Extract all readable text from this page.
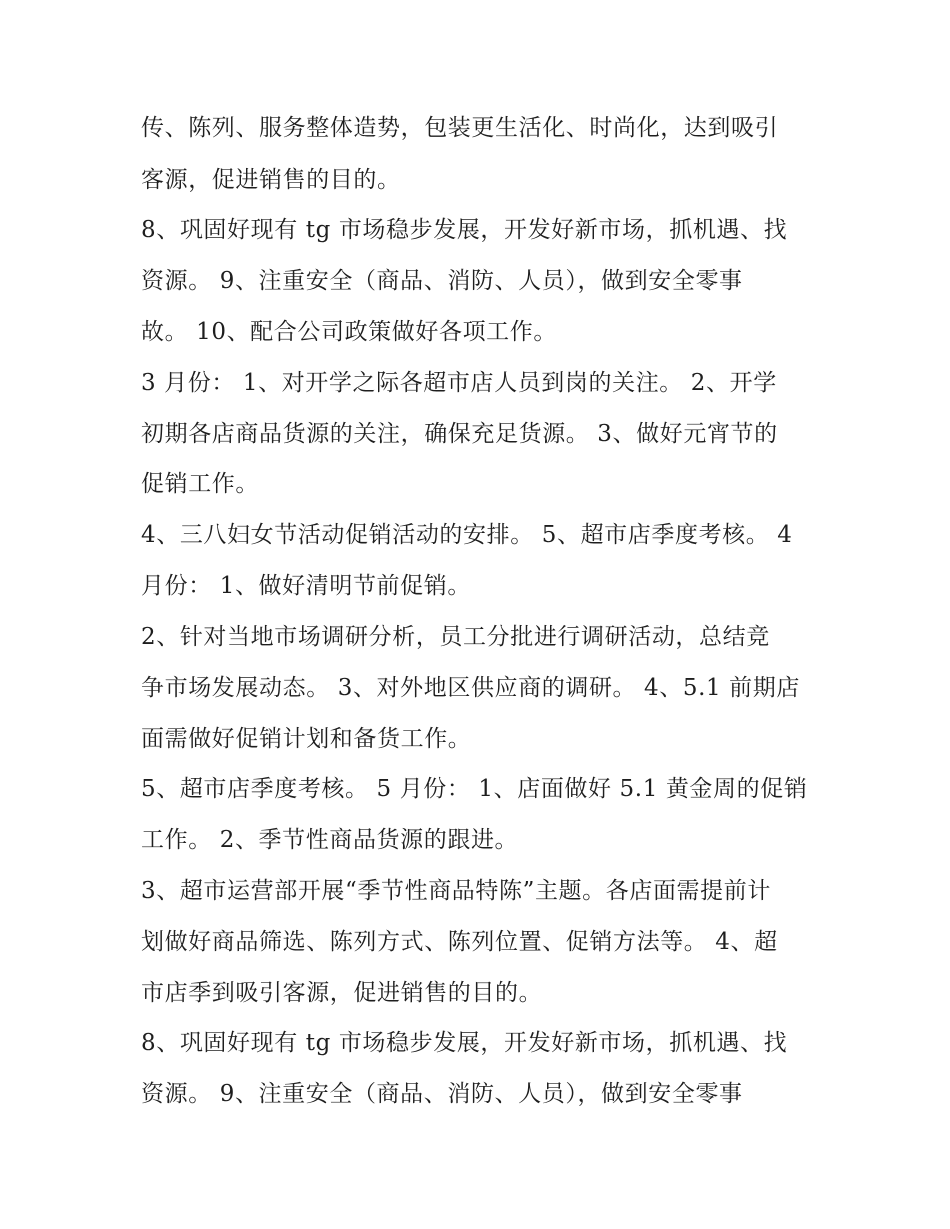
传、陈列、服务整体造势，包装更生活化、时尚化，达到吸引
客源，促进销售的目的。
8、巩固好现有 tg 市场稳步发展，开发好新市场，抓机遇、找
资源。 9、注重安全（商品、消防、人员），做到安全零事
故。 10、配合公司政策做好各项工作。
3 月份： 1、对开学之际各超市店人员到岗的关注。 2、开学
初期各店商品货源的关注，确保充足货源。 3、做好元宵节的
促销工作。
4、三八妇女节活动促销活动的安排。 5、超市店季度考核。 4
月份： 1、做好清明节前促销。
2、针对当地市场调研分析，员工分批进行调研活动，总结竞
争市场发展动态。 3、对外地区供应商的调研。 4、5.1 前期店
面需做好促销计划和备货工作。
5、超市店季度考核。 5 月份： 1、店面做好 5.1 黄金周的促销
工作。 2、季节性商品货源的跟进。
3、超市运营部开展“季节性商品特陈”主题。各店面需提前计
划做好商品筛选、陈列方式、陈列位置、促销方法等。 4、超
市店季到吸引客源，促进销售的目的。
8、巩固好现有 tg 市场稳步发展，开发好新市场，抓机遇、找
资源。 9、注重安全（商品、消防、人员），做到安全零事
